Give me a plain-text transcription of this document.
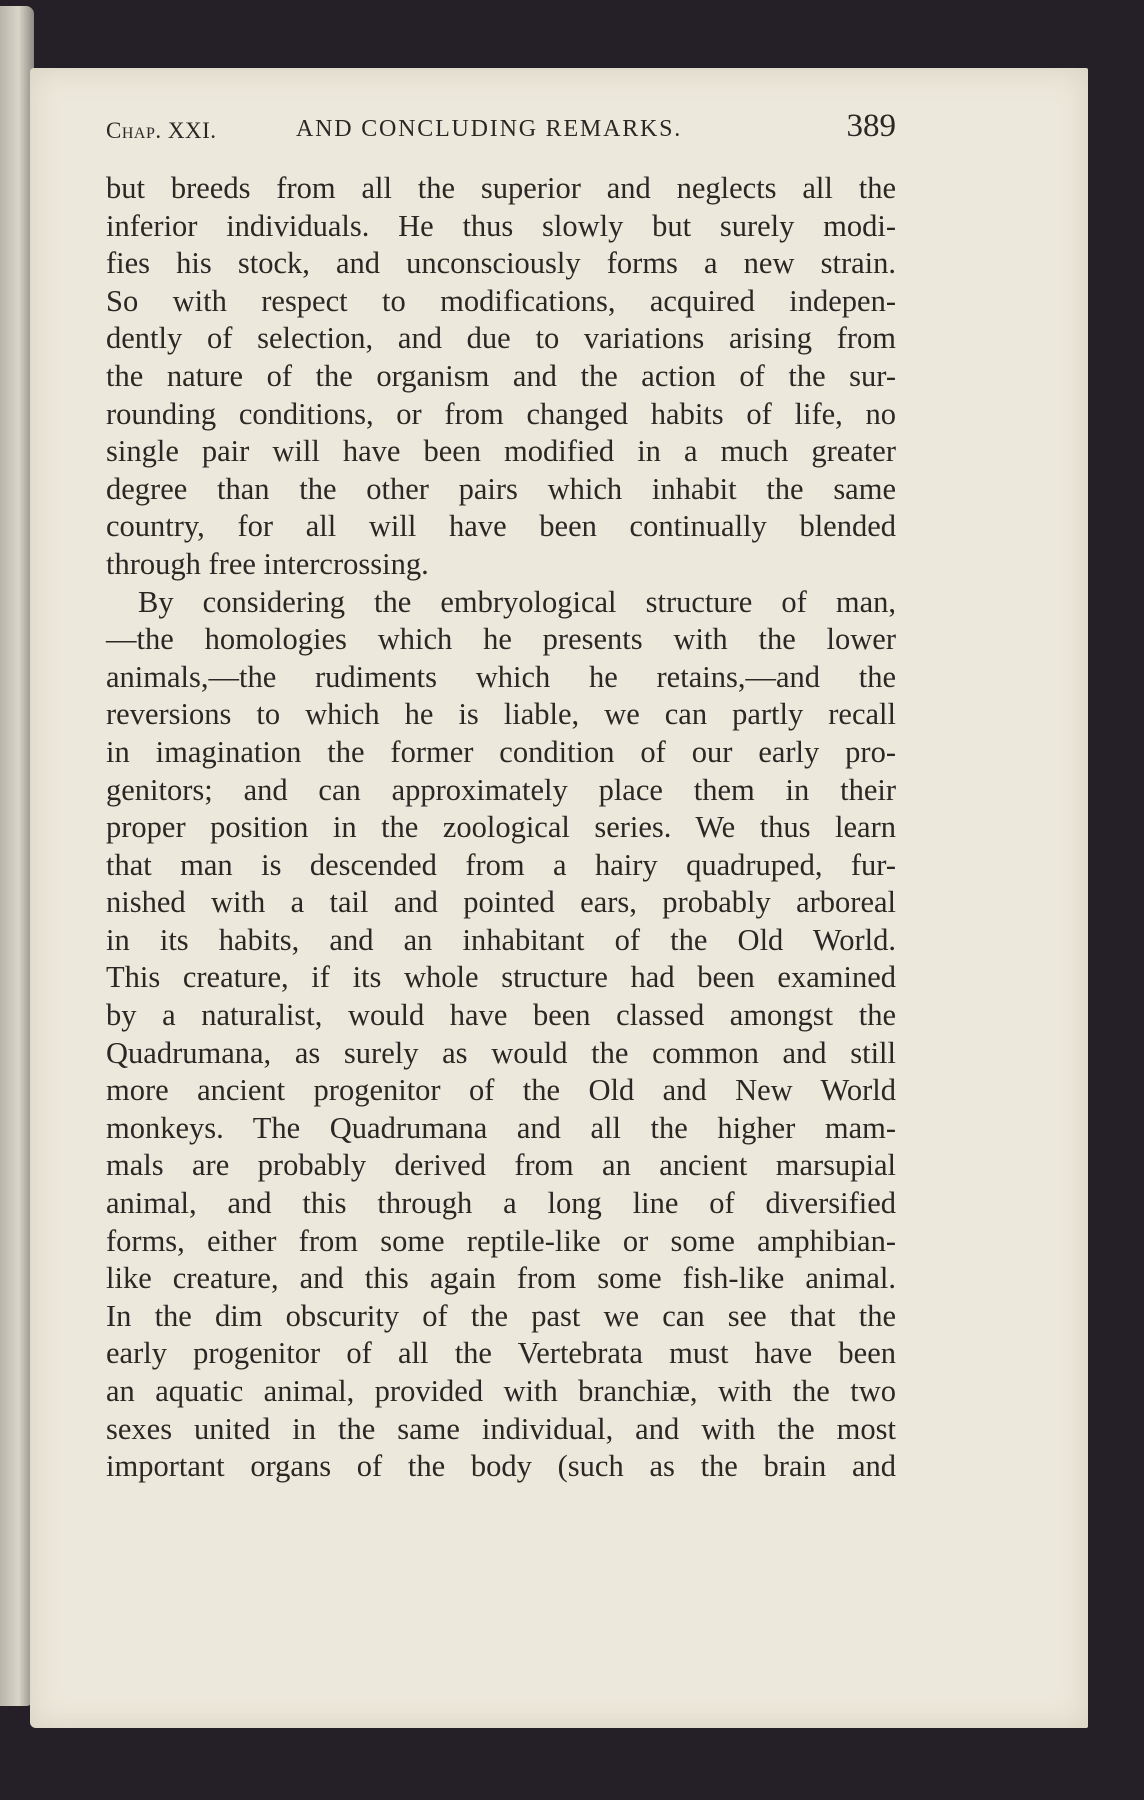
Chap. XXI.	AND CONCLUDING REMARKS.	389
but breeds from all the superior and neglects all the
inferior individuals. He thus slowly but surely modi-
fies his stock, and unconsciously forms a new strain.
So with respect to modifications, acquired indepen-
dently of selection, and due to variations arising from
the nature of the organism and the action of the sur-
rounding conditions, or from changed habits of life, no
single pair will have been modified in a much greater
degree than the other pairs which inhabit the same
country, for all will have been continually blended
through free intercrossing.
By considering the embryological structure of man,
—the homologies which he presents with the lower
animals,—the rudiments which he retains,—and the
reversions to which he is liable, we can partly recall
in imagination the former condition of our early pro-
genitors; and can approximately place them in their
proper position in the zoological series. We thus learn
that man is descended from a hairy quadruped, fur-
nished with a tail and pointed ears, probably arboreal
in its habits, and an inhabitant of the Old World.
This creature, if its whole structure had been examined
by a naturalist, would have been classed amongst the
Quadrumana, as surely as would the common and still
more ancient progenitor of the Old and New World
monkeys. The Quadrumana and all the higher mam-
mals are probably derived from an ancient marsupial
animal, and this through a long line of diversified
forms, either from some reptile-like or some amphibian-
like creature, and this again from some fish-like animal.
In the dim obscurity of the past we can see that the
early progenitor of all the Vertebrata must have been
an aquatic animal, provided with branchiæ, with the two
sexes united in the same individual, and with the most
important organs of the body (such as the brain and
